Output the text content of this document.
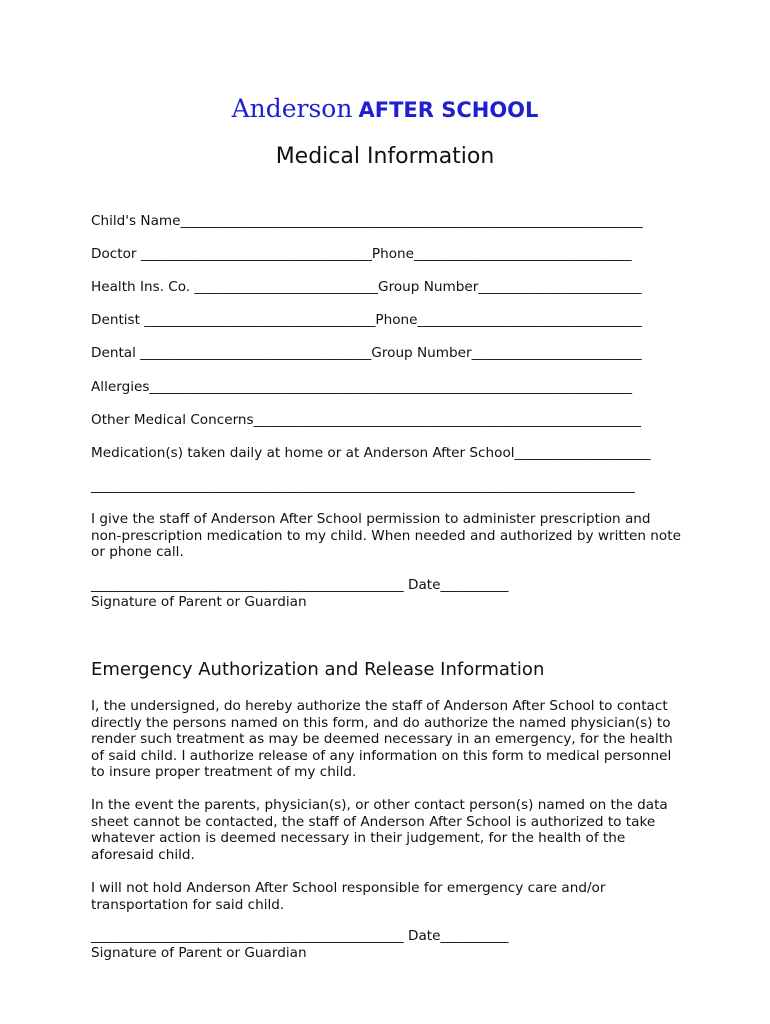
Anderson AFTER SCHOOL
Medical Information
Child's Name____________________________________________________________________
Doctor __________________________________Phone________________________________
Health Ins. Co. ___________________________Group Number________________________
Dentist __________________________________Phone_________________________________
Dental __________________________________Group Number_________________________
Allergies_______________________________________________________________________
Other Medical Concerns_________________________________________________________
Medication(s) taken daily at home or at Anderson After School____________________
________________________________________________________________________________
I give the staff of Anderson After School permission to administer prescription and non-prescription medication to my child. When needed and authorized by written note or phone call.
______________________________________________ Date__________
Signature of Parent or Guardian
Emergency Authorization and Release Information
I, the undersigned, do hereby authorize the staff of Anderson After School to contact directly the persons named on this form, and do authorize the named physician(s) to render such treatment as may be deemed necessary in an emergency, for the health of said child. I authorize release of any information on this form to medical personnel to insure proper treatment of my child.
In the event the parents, physician(s), or other contact person(s) named on the data sheet cannot be contacted, the staff of Anderson After School is authorized to take whatever action is deemed necessary in their judgement, for the health of the aforesaid child.
I will not hold Anderson After School responsible for emergency care and/or transportation for said child.
______________________________________________ Date__________
Signature of Parent or Guardian
